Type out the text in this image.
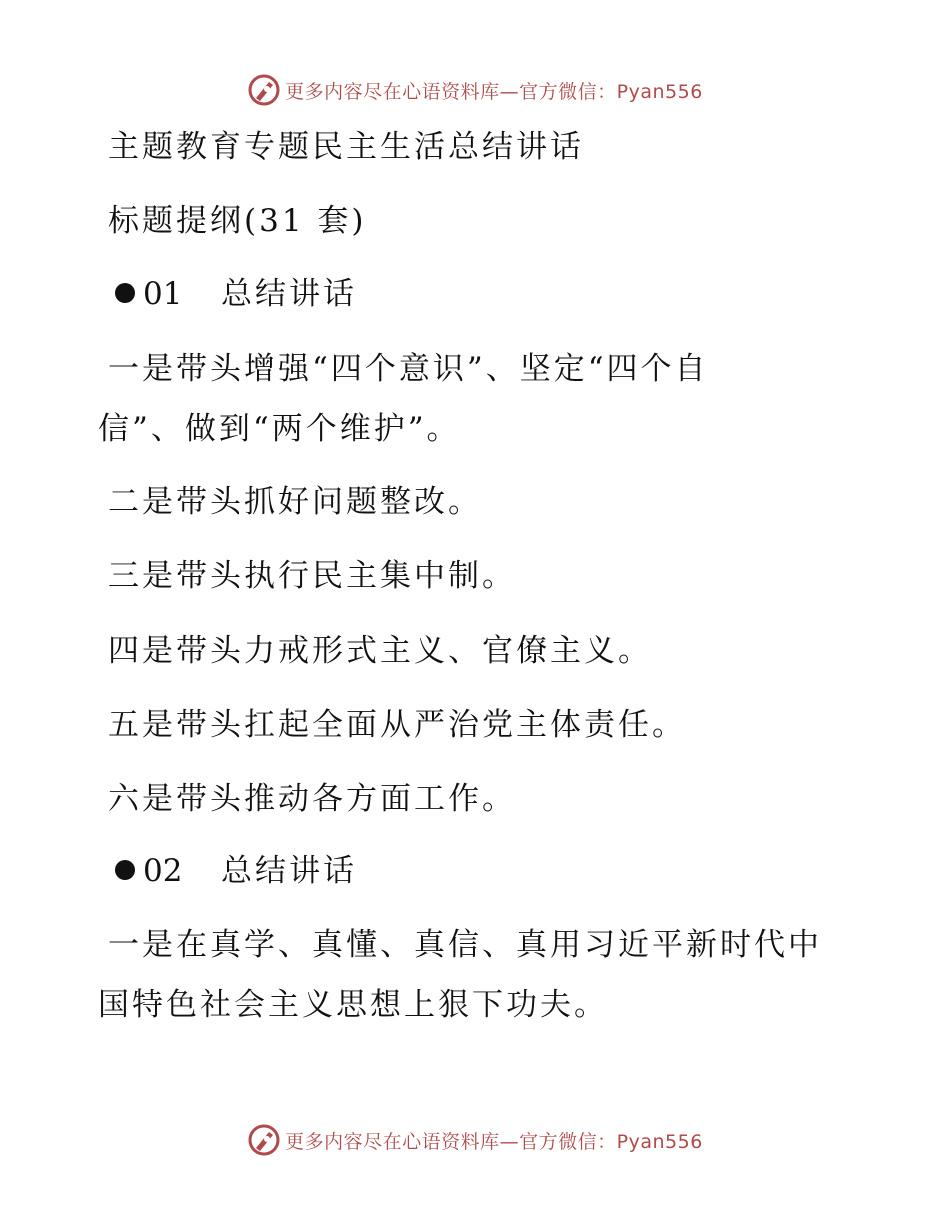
更多内容尽在心语资料库—官方微信：Pyan556
主题教育专题民主生活总结讲话
标题提纲(31 套)
01 总结讲话
一是带头增强“四个意识”、坚定“四个自
信”、做到“两个维护”。
二是带头抓好问题整改。
三是带头执行民主集中制。
四是带头力戒形式主义、官僚主义。
五是带头扛起全面从严治党主体责任。
六是带头推动各方面工作。
02 总结讲话
一是在真学、真懂、真信、真用习近平新时代中
国特色社会主义思想上狠下功夫。
更多内容尽在心语资料库—官方微信：Pyan556
